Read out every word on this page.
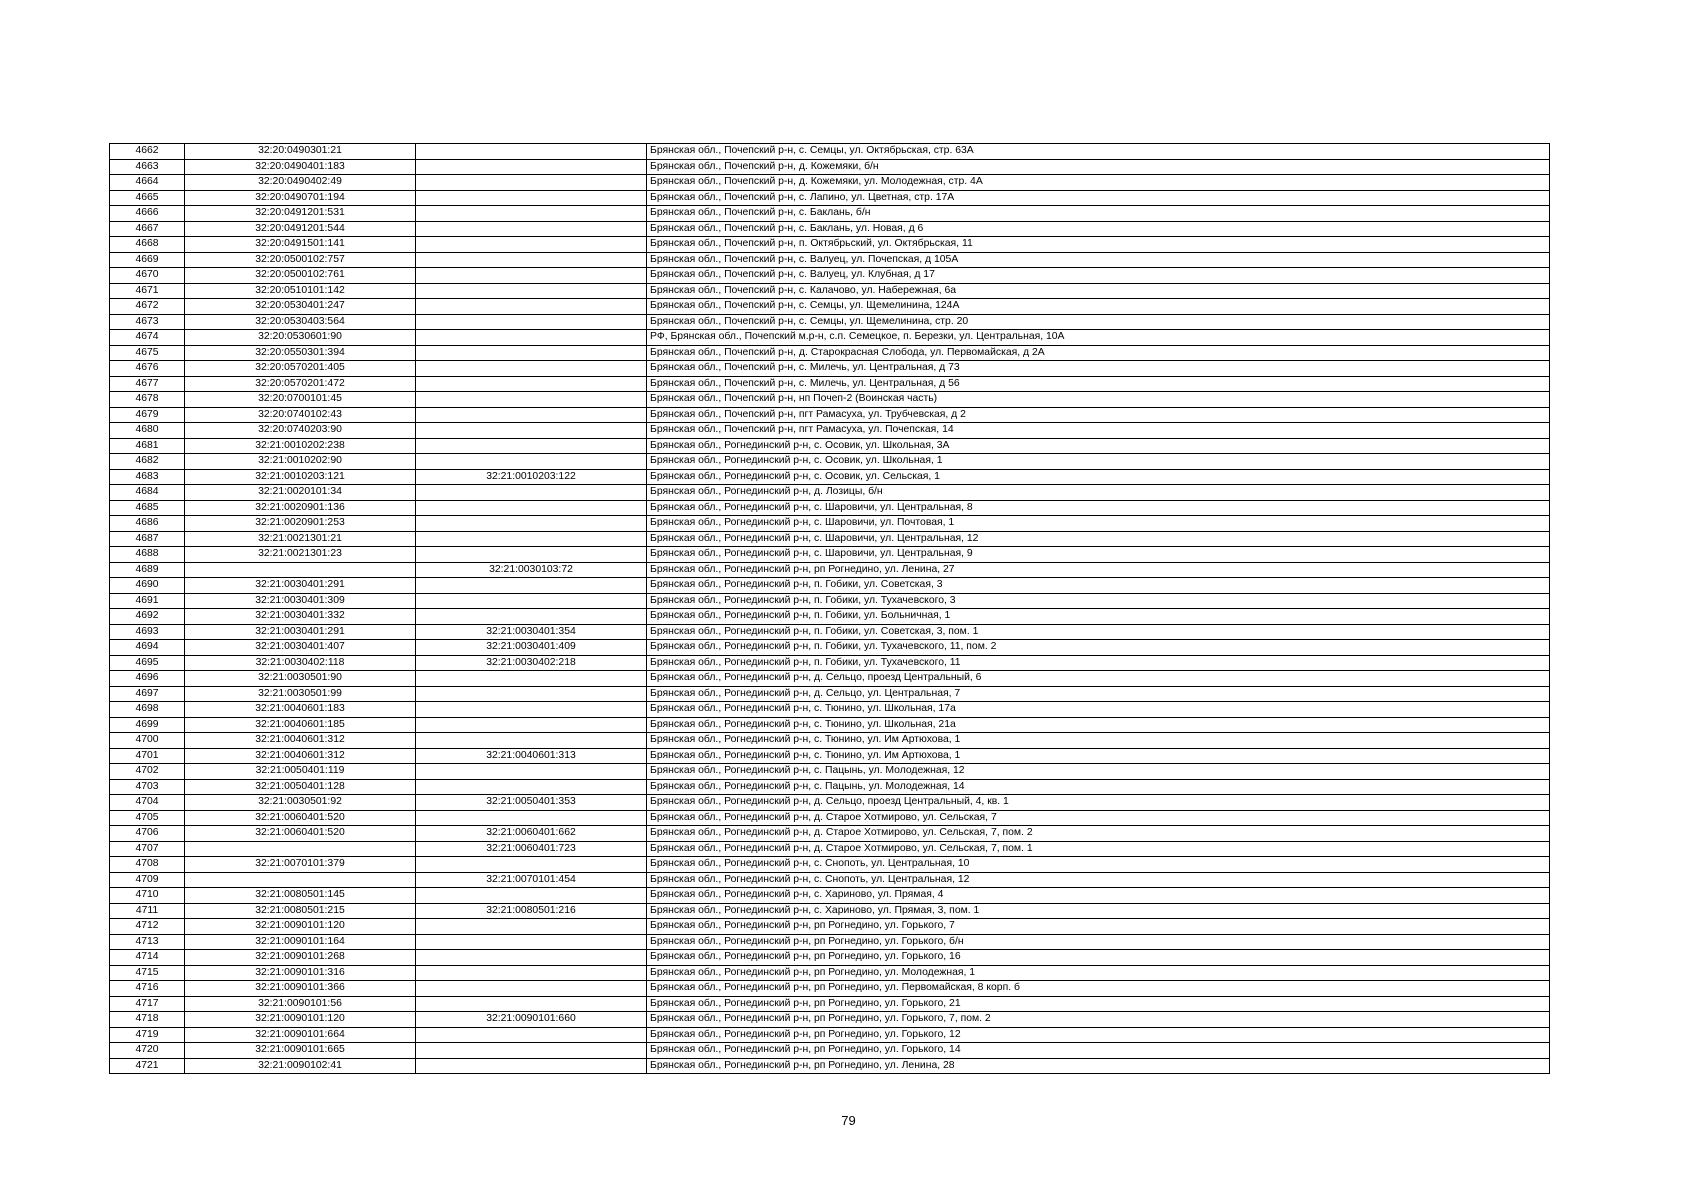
4662	32:20:0490301:21		Брянская обл., Почепский р-н, с. Семцы, ул. Октябрьская, стр. 63А
4663	32:20:0490401:183		Брянская обл., Почепский р-н, д. Кожемяки, б/н
4664	32:20:0490402:49		Брянская обл., Почепский р-н, д. Кожемяки, ул. Молодежная, стр. 4А
4665	32:20:0490701:194		Брянская обл., Почепский р-н, с. Лапино, ул. Цветная, стр. 17А
4666	32:20:0491201:531		Брянская обл., Почепский р-н, с. Баклань, б/н
4667	32:20:0491201:544		Брянская обл., Почепский р-н, с. Баклань, ул. Новая, д 6
4668	32:20:0491501:141		Брянская обл., Почепский р-н, п. Октябрьский, ул. Октябрьская, 11
4669	32:20:0500102:757		Брянская обл., Почепский р-н, с. Валуец, ул. Почепская, д 105А
4670	32:20:0500102:761		Брянская обл., Почепский р-н, с. Валуец, ул. Клубная, д 17
4671	32:20:0510101:142		Брянская обл., Почепский р-н, с. Калачово, ул. Набережная, 6а
4672	32:20:0530401:247		Брянская обл., Почепский р-н, с. Семцы, ул. Щемелинина, 124А
4673	32:20:0530403:564		Брянская обл., Почепский р-н, с. Семцы, ул. Щемелинина, стр. 20
4674	32:20:0530601:90		РФ, Брянская обл., Почепский м.р-н, с.п. Семецкое, п. Березки, ул. Центральная, 10А
4675	32:20:0550301:394		Брянская обл., Почепский р-н, д. Старокрасная Слобода, ул. Первомайская, д 2А
4676	32:20:0570201:405		Брянская обл., Почепский р-н, с. Милечь, ул. Центральная, д 73
4677	32:20:0570201:472		Брянская обл., Почепский р-н, с. Милечь, ул. Центральная, д 56
4678	32:20:0700101:45		Брянская обл., Почепский р-н, нп Почеп-2 (Воинская часть)
4679	32:20:0740102:43		Брянская обл., Почепский р-н, пгт Рамасуха, ул. Трубчевская, д 2
4680	32:20:0740203:90		Брянская обл., Почепский р-н, пгт Рамасуха, ул. Почепская, 14
4681	32:21:0010202:238		Брянская обл., Рогнединский р-н, с. Осовик, ул. Школьная, 3А
4682	32:21:0010202:90		Брянская обл., Рогнединский р-н, с. Осовик, ул. Школьная, 1
4683	32:21:0010203:121	32:21:0010203:122	Брянская обл., Рогнединский р-н, с. Осовик, ул. Сельская, 1
4684	32:21:0020101:34		Брянская обл., Рогнединский р-н, д. Лозицы, б/н
4685	32:21:0020901:136		Брянская обл., Рогнединский р-н, с. Шаровичи, ул. Центральная, 8
4686	32:21:0020901:253		Брянская обл., Рогнединский р-н, с. Шаровичи, ул. Почтовая, 1
4687	32:21:0021301:21		Брянская обл., Рогнединский р-н, с. Шаровичи, ул. Центральная, 12
4688	32:21:0021301:23		Брянская обл., Рогнединский р-н, с. Шаровичи, ул. Центральная, 9
4689		32:21:0030103:72	Брянская обл., Рогнединский р-н, рп Рогнедино, ул. Ленина, 27
4690	32:21:0030401:291		Брянская обл., Рогнединский р-н, п. Гобики, ул. Советская, 3
4691	32:21:0030401:309		Брянская обл., Рогнединский р-н, п. Гобики, ул. Тухачевского, 3
4692	32:21:0030401:332		Брянская обл., Рогнединский р-н, п. Гобики, ул. Больничная, 1
4693	32:21:0030401:291	32:21:0030401:354	Брянская обл., Рогнединский р-н, п. Гобики, ул. Советская, 3, пом. 1
4694	32:21:0030401:407	32:21:0030401:409	Брянская обл., Рогнединский р-н, п. Гобики, ул. Тухачевского, 11, пом. 2
4695	32:21:0030402:118	32:21:0030402:218	Брянская обл., Рогнединский р-н, п. Гобики, ул. Тухачевского, 11
4696	32:21:0030501:90		Брянская обл., Рогнединский р-н, д. Сельцо, проезд Центральный, 6
4697	32:21:0030501:99		Брянская обл., Рогнединский р-н, д. Сельцо, ул. Центральная, 7
4698	32:21:0040601:183		Брянская обл., Рогнединский р-н, с. Тюнино, ул. Школьная, 17а
4699	32:21:0040601:185		Брянская обл., Рогнединский р-н, с. Тюнино, ул. Школьная, 21а
4700	32:21:0040601:312		Брянская обл., Рогнединский р-н, с. Тюнино, ул. Им Артюхова, 1
4701	32:21:0040601:312	32:21:0040601:313	Брянская обл., Рогнединский р-н, с. Тюнино, ул. Им Артюхова, 1
4702	32:21:0050401:119		Брянская обл., Рогнединский р-н, с. Пацынь, ул. Молодежная, 12
4703	32:21:0050401:128		Брянская обл., Рогнединский р-н, с. Пацынь, ул. Молодежная, 14
4704	32:21:0030501:92	32:21:0050401:353	Брянская обл., Рогнединский р-н, д. Сельцо, проезд Центральный, 4, кв. 1
4705	32:21:0060401:520		Брянская обл., Рогнединский р-н, д. Старое Хотмирово, ул. Сельская, 7
4706	32:21:0060401:520	32:21:0060401:662	Брянская обл., Рогнединский р-н, д. Старое Хотмирово, ул. Сельская, 7, пом. 2
4707		32:21:0060401:723	Брянская обл., Рогнединский р-н, д. Старое Хотмирово, ул. Сельская, 7, пом. 1
4708	32:21:0070101:379		Брянская обл., Рогнединский р-н, с. Снопоть, ул. Центральная, 10
4709		32:21:0070101:454	Брянская обл., Рогнединский р-н, с. Снопоть, ул. Центральная, 12
4710	32:21:0080501:145		Брянская обл., Рогнединский р-н, с. Хариново, ул. Прямая, 4
4711	32:21:0080501:215	32:21:0080501:216	Брянская обл., Рогнединский р-н, с. Хариново, ул. Прямая, 3, пом. 1
4712	32:21:0090101:120		Брянская обл., Рогнединский р-н, рп Рогнедино, ул. Горького, 7
4713	32:21:0090101:164		Брянская обл., Рогнединский р-н, рп Рогнедино, ул. Горького, б/н
4714	32:21:0090101:268		Брянская обл., Рогнединский р-н, рп Рогнедино, ул. Горького, 16
4715	32:21:0090101:316		Брянская обл., Рогнединский р-н, рп Рогнедино, ул. Молодежная, 1
4716	32:21:0090101:366		Брянская обл., Рогнединский р-н, рп Рогнедино, ул. Первомайская, 8 корп. б
4717	32:21:0090101:56		Брянская обл., Рогнединский р-н, рп Рогнедино, ул. Горького, 21
4718	32:21:0090101:120	32:21:0090101:660	Брянская обл., Рогнединский р-н, рп Рогнедино, ул. Горького, 7, пом. 2
4719	32:21:0090101:664		Брянская обл., Рогнединский р-н, рп Рогнедино, ул. Горького, 12
4720	32:21:0090101:665		Брянская обл., Рогнединский р-н, рп Рогнедино, ул. Горького, 14
4721	32:21:0090102:41		Брянская обл., Рогнединский р-н, рп Рогнедино, ул. Ленина, 28
79
